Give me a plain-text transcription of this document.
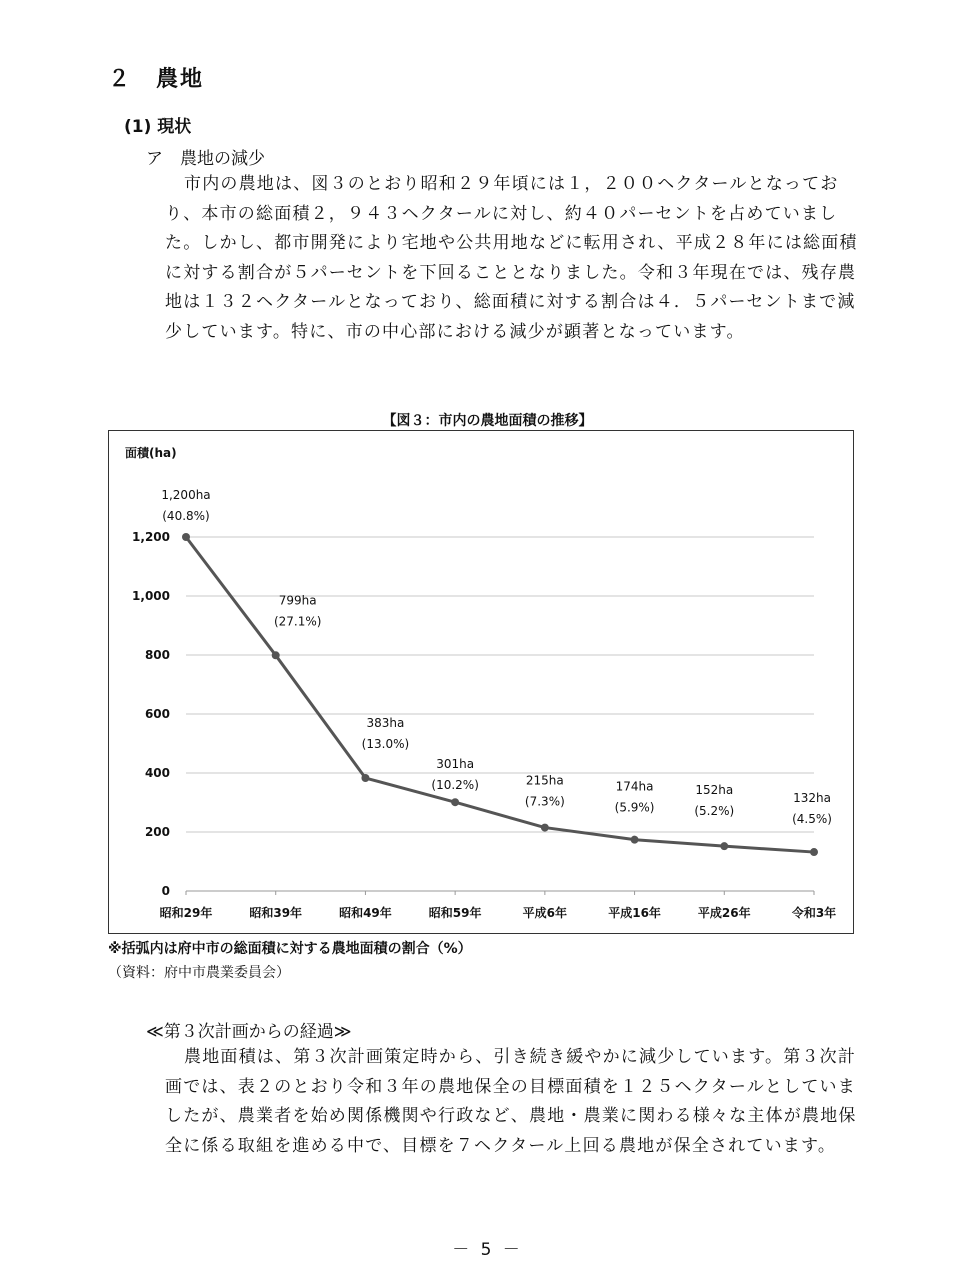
２　農地
(1) 現状
ア　農地の減少

市内の農地は、図３のとおり昭和２９年頃には１，２００ヘクタールとなっており、本市の総面積２，９４３ヘクタールに対し、約４０パーセントを占めていました。しかし、都市開発により宅地や公共用地などに転用され、平成２８年には総面積に対する割合が５パーセントを下回ることとなりました。令和３年現在では、残存農地は１３２ヘクタールとなっており、総面積に対する割合は４．５パーセントまで減少しています。特に、市の中心部における減少が顕著となっています。

【図３：市内の農地面積の推移】
0
200
400
600
800
1,000
1,200
昭和29年	昭和39年	昭和49年	昭和59年	平成6年	平成16年	平成26年	令和3年
1,200ha
(40.8%)
799ha
(27.1%)
383ha
(13.0%)
301ha
(10.2%)	215ha
(7.3%)
174ha
(5.9%)
152ha
(5.2%)
132ha
(4.5%)
面積(ha)
※括弧内は府中市の総面積に対する農地面積の割合（%）
（資料：府中市農業委員会）
≪第３次計画からの経過≫

農地面積は、第３次計画策定時から、引き続き緩やかに減少しています。第３次計画では、表２のとおり令和３年の農地保全の目標面積を１２５ヘクタールとしていましたが、農業者を始め関係機関や行政など、農地・農業に関わる様々な主体が農地保全に係る取組を進める中で、目標を７ヘクタール上回る農地が保全されています。

－ 5 －
